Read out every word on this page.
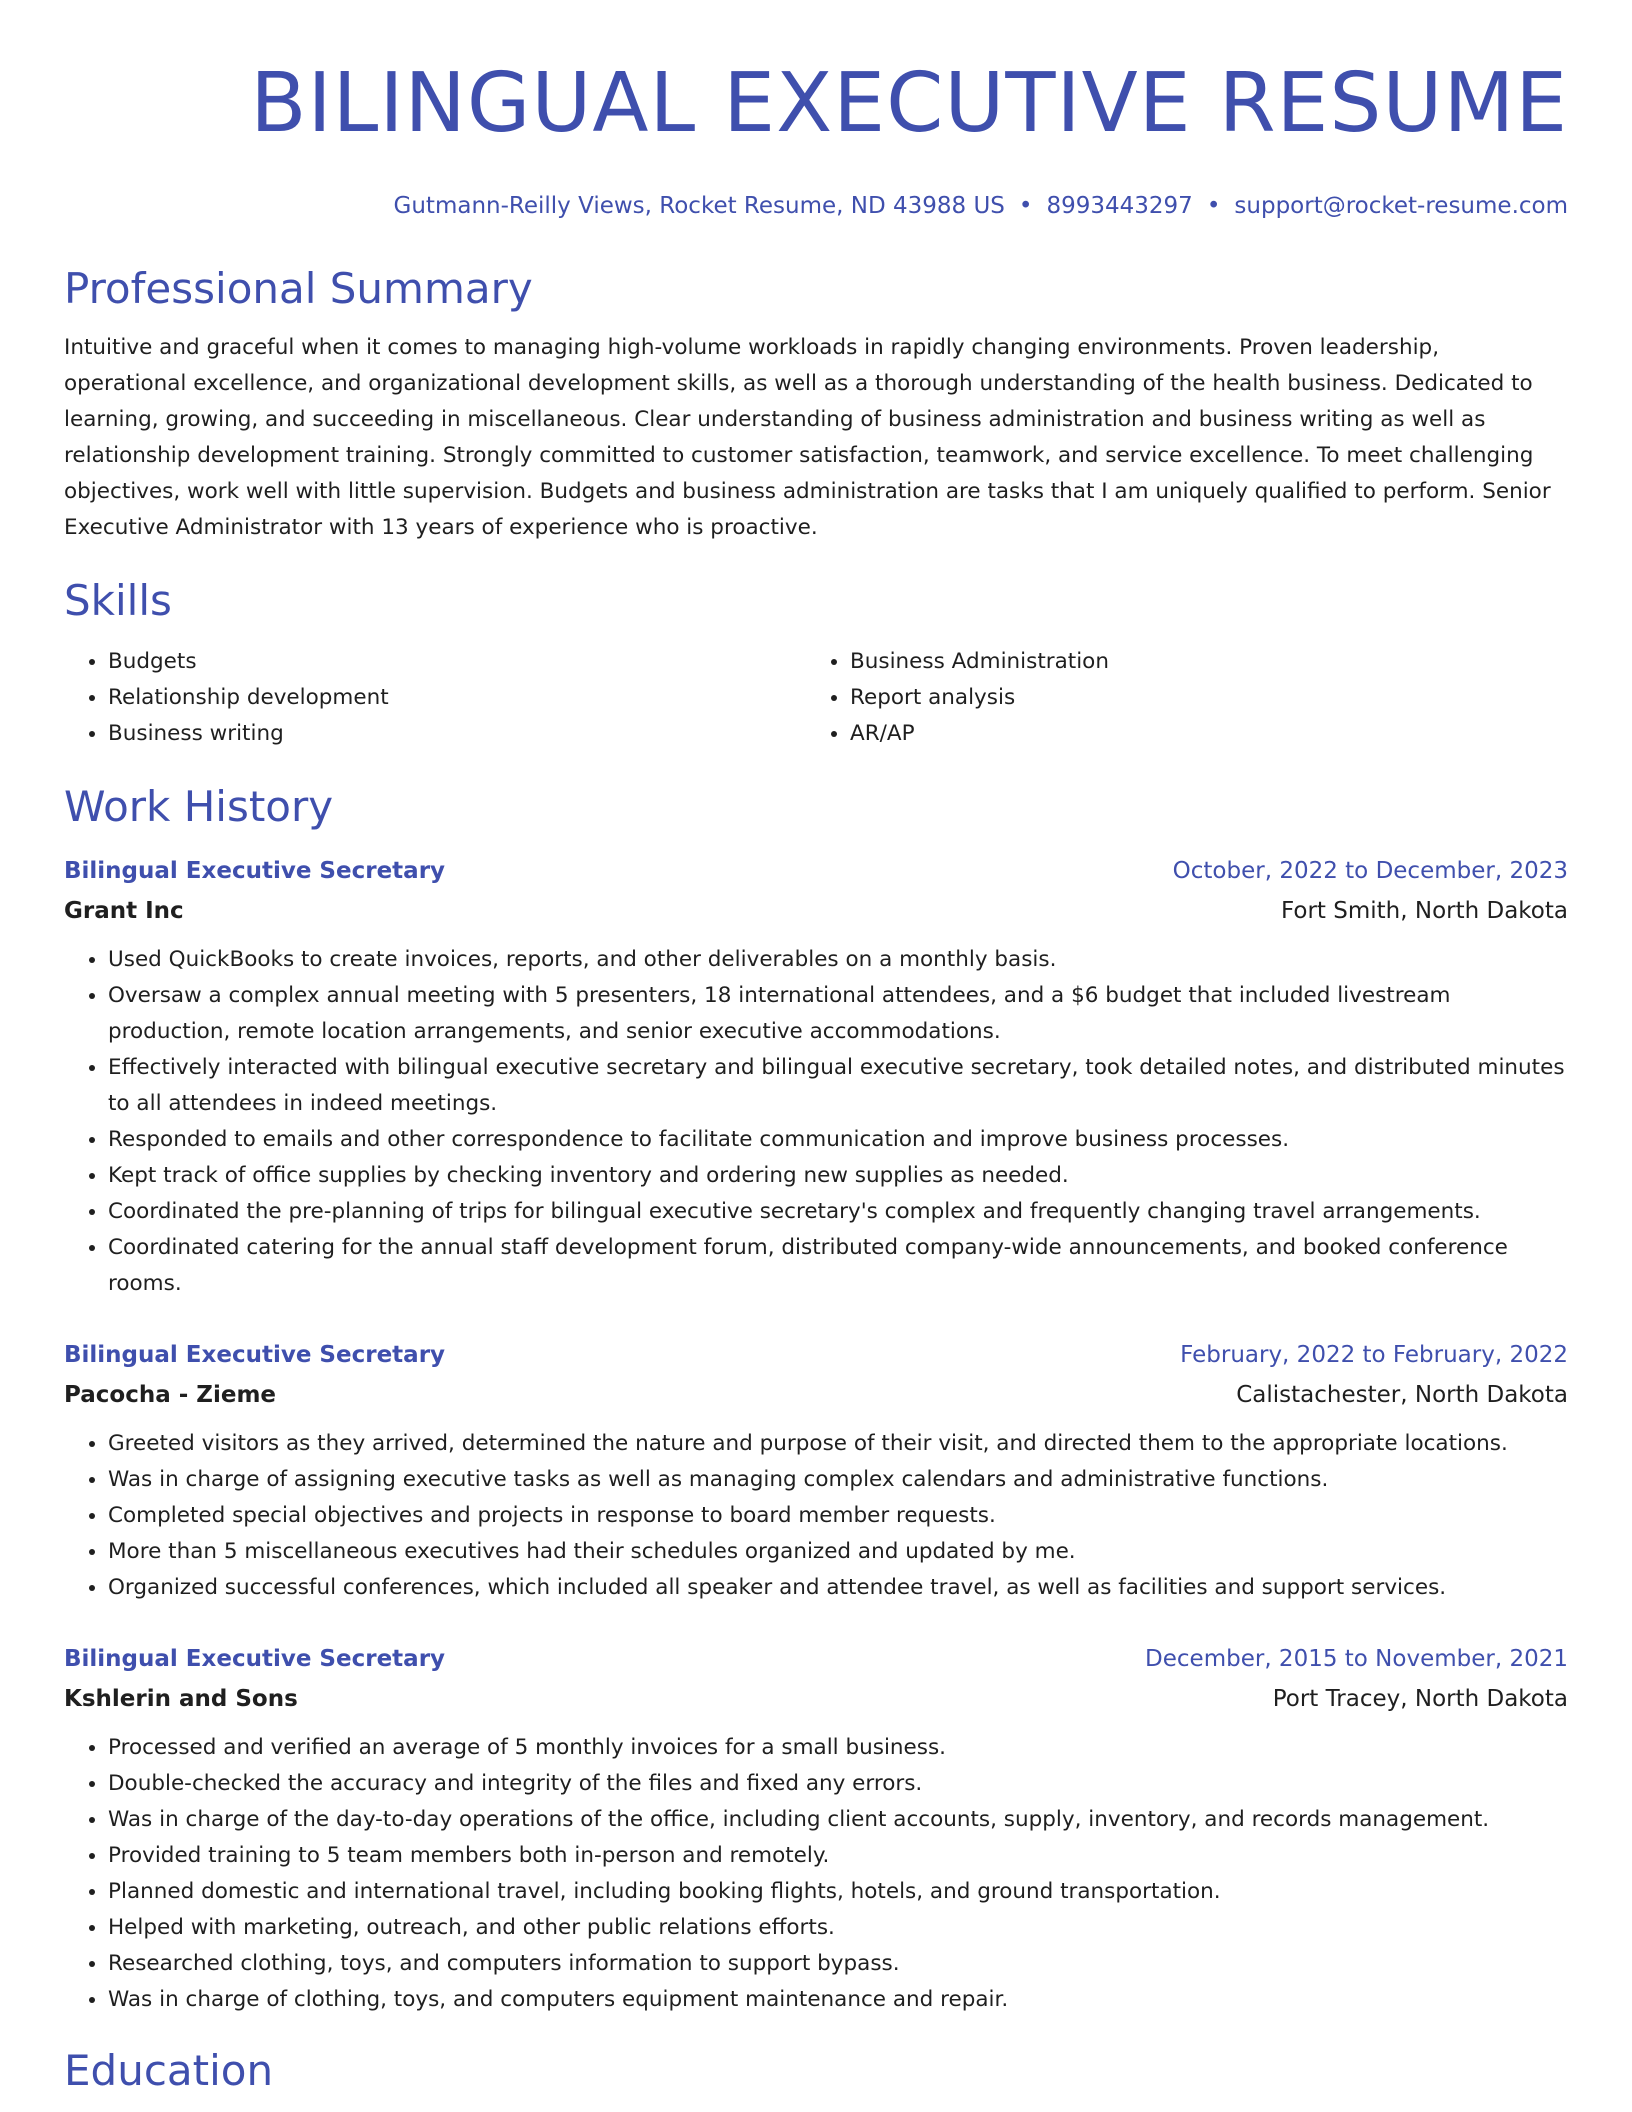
BILINGUAL EXECUTIVE RESUME
Gutmann-Reilly Views, Rocket Resume, ND 43988 US • 8993443297 • support@rocket-resume.com
Professional Summary

Intuitive and graceful when it comes to managing high-volume workloads in rapidly changing environments. Proven leadership, operational excellence, and organizational development skills, as well as a thorough understanding of the health business. Dedicated to learning, growing, and succeeding in miscellaneous. Clear understanding of business administration and business writing as well as relationship development training. Strongly committed to customer satisfaction, teamwork, and service excellence. To meet challenging objectives, work well with little supervision. Budgets and business administration are tasks that I am uniquely qualified to perform. Senior Executive Administrator with 13 years of experience who is proactive.

Skills
• Budgets
• Relationship development
• Business writing
• Business Administration
• Report analysis
• AR/AP
Work History
Bilingual Executive Secretary	October, 2022 to December, 2023
Grant Inc	Fort Smith, North Dakota
• Used QuickBooks to create invoices, reports, and other deliverables on a monthly basis.
• Oversaw a complex annual meeting with 5 presenters, 18 international attendees, and a $6 budget that included livestream production, remote location arrangements, and senior executive accommodations.
• Effectively interacted with bilingual executive secretary and bilingual executive secretary, took detailed notes, and distributed minutes to all attendees in indeed meetings.
• Responded to emails and other correspondence to facilitate communication and improve business processes.
• Kept track of office supplies by checking inventory and ordering new supplies as needed.
• Coordinated the pre-planning of trips for bilingual executive secretary's complex and frequently changing travel arrangements.
• Coordinated catering for the annual staff development forum, distributed company-wide announcements, and booked conference rooms.
Bilingual Executive Secretary	February, 2022 to February, 2022
Pacocha - Zieme	Calistachester, North Dakota
• Greeted visitors as they arrived, determined the nature and purpose of their visit, and directed them to the appropriate locations.
• Was in charge of assigning executive tasks as well as managing complex calendars and administrative functions.
• Completed special objectives and projects in response to board member requests.
• More than 5 miscellaneous executives had their schedules organized and updated by me.
• Organized successful conferences, which included all speaker and attendee travel, as well as facilities and support services.
Bilingual Executive Secretary	December, 2015 to November, 2021
Kshlerin and Sons	Port Tracey, North Dakota
• Processed and verified an average of 5 monthly invoices for a small business.
• Double-checked the accuracy and integrity of the files and fixed any errors.
• Was in charge of the day-to-day operations of the office, including client accounts, supply, inventory, and records management.
• Provided training to 5 team members both in-person and remotely.
• Planned domestic and international travel, including booking flights, hotels, and ground transportation.
• Helped with marketing, outreach, and other public relations efforts.
• Researched clothing, toys, and computers information to support bypass.
• Was in charge of clothing, toys, and computers equipment maintenance and repair.
Education
